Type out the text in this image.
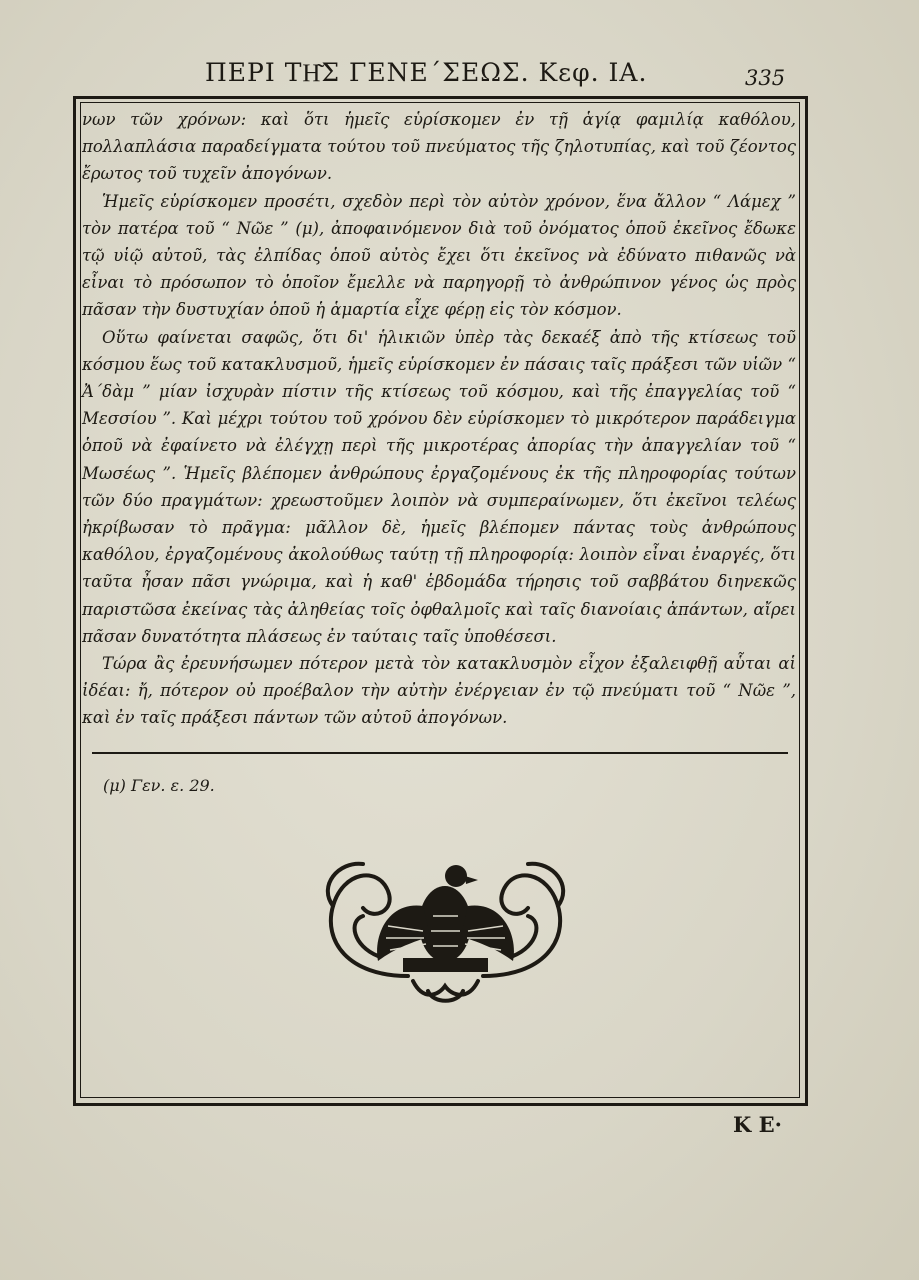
ΠΕΡΙ ΤΗ͂Σ ΓΕΝΕ΄ΣΕΩΣ. Κεφ. ΙΑ.	335

νων τῶν χρόνων: καὶ ὅτι ἡμεῖς εὑρίσκομεν ἐν τῇ ἁγίᾳ φαμιλίᾳ καθόλου, πολλαπλάσια παραδείγματα τούτου τοῦ πνεύματος τῆς ζηλοτυπίας, καὶ τοῦ ζέοντος ἔρωτος τοῦ τυχεῖν ἀπογόνων.

Ἡμεῖς εὑρίσκομεν προσέτι, σχεδὸν περὶ τὸν αὐτὸν χρόνον, ἕνα ἄλλον “ Λάμεχ ” τὸν πατέρα τοῦ “ Νῶε ” (μ), ἀποφαινόμενον διὰ τοῦ ὀνόματος ὁποῦ ἐκεῖνος ἔδωκε τῷ υἱῷ αὐτοῦ, τὰς ἐλπίδας ὁποῦ αὐτὸς ἔχει ὅτι ἐκεῖνος νὰ ἐδύνατο πιθανῶς νὰ εἶναι τὸ πρόσωπον τὸ ὁποῖον ἔμελλε νὰ παρηγορῇ τὸ ἀνθρώπινον γένος ὡς πρὸς πᾶσαν τὴν δυστυχίαν ὁποῦ ἡ ἁμαρτία εἶχε φέρῃ εἰς τὸν κόσμον.

Οὕτω φαίνεται σαφῶς, ὅτι δι' ἡλικιῶν ὑπὲρ τὰς δεκαέξ ἀπὸ τῆς κτίσεως τοῦ κόσμου ἕως τοῦ κατακλυσμοῦ, ἡμεῖς εὑρίσκομεν ἐν πάσαις ταῖς πράξεσι τῶν υἱῶν “ Ἀ΄δὰμ ” μίαν ἰσχυρὰν πίστιν τῆς κτίσεως τοῦ κόσμου, καὶ τῆς ἐπαγγελίας τοῦ “ Μεσσίου ”. Καὶ μέχρι τούτου τοῦ χρόνου δὲν εὑρίσκομεν τὸ μικρότερον παράδειγμα ὁποῦ νὰ ἐφαίνετο νὰ ἐλέγχῃ περὶ τῆς μικροτέρας ἀπορίας τὴν ἀπαγγελίαν τοῦ “ Μωσέως ”. Ἡμεῖς βλέπομεν ἀνθρώπους ἐργαζομένους ἐκ τῆς πληροφορίας τούτων τῶν δύο πραγμάτων: χρεωστοῦμεν λοιπὸν νὰ συμπεραίνωμεν, ὅτι ἐκεῖνοι τελέως ἠκρίβωσαν τὸ πρᾶγμα: μᾶλλον δὲ, ἡμεῖς βλέπομεν πάντας τοὺς ἀνθρώπους καθόλου, ἐργαζομένους ἀκολούθως ταύτῃ τῇ πληροφορίᾳ: λοιπὸν εἶναι ἐναργές, ὅτι ταῦτα ἦσαν πᾶσι γνώριμα, καὶ ἡ καθ' ἑβδομάδα τήρησις τοῦ σαββάτου διηνεκῶς παριστῶσα ἐκείνας τὰς ἀληθείας τοῖς ὀφθαλμοῖς καὶ ταῖς διανοίαις ἁπάντων, αἴρει πᾶσαν δυνατότητα πλάσεως ἐν ταύταις ταῖς ὑποθέσεσι.

Τώρα ἂς ἐρευνήσωμεν πότερον μετὰ τὸν κατακλυσμὸν εἶχον ἐξαλειφθῇ αὗται αἱ ἰδέαι: ἤ, πότερον οὐ προέβαλον τὴν αὐτὴν ἐνέργειαν ἐν τῷ πνεύματι τοῦ “ Νῶε ”, καὶ ἐν ταῖς πράξεσι πάντων τῶν αὐτοῦ ἀπογόνων.

(μ) Γεν. ε. 29.
Κ Ε·
